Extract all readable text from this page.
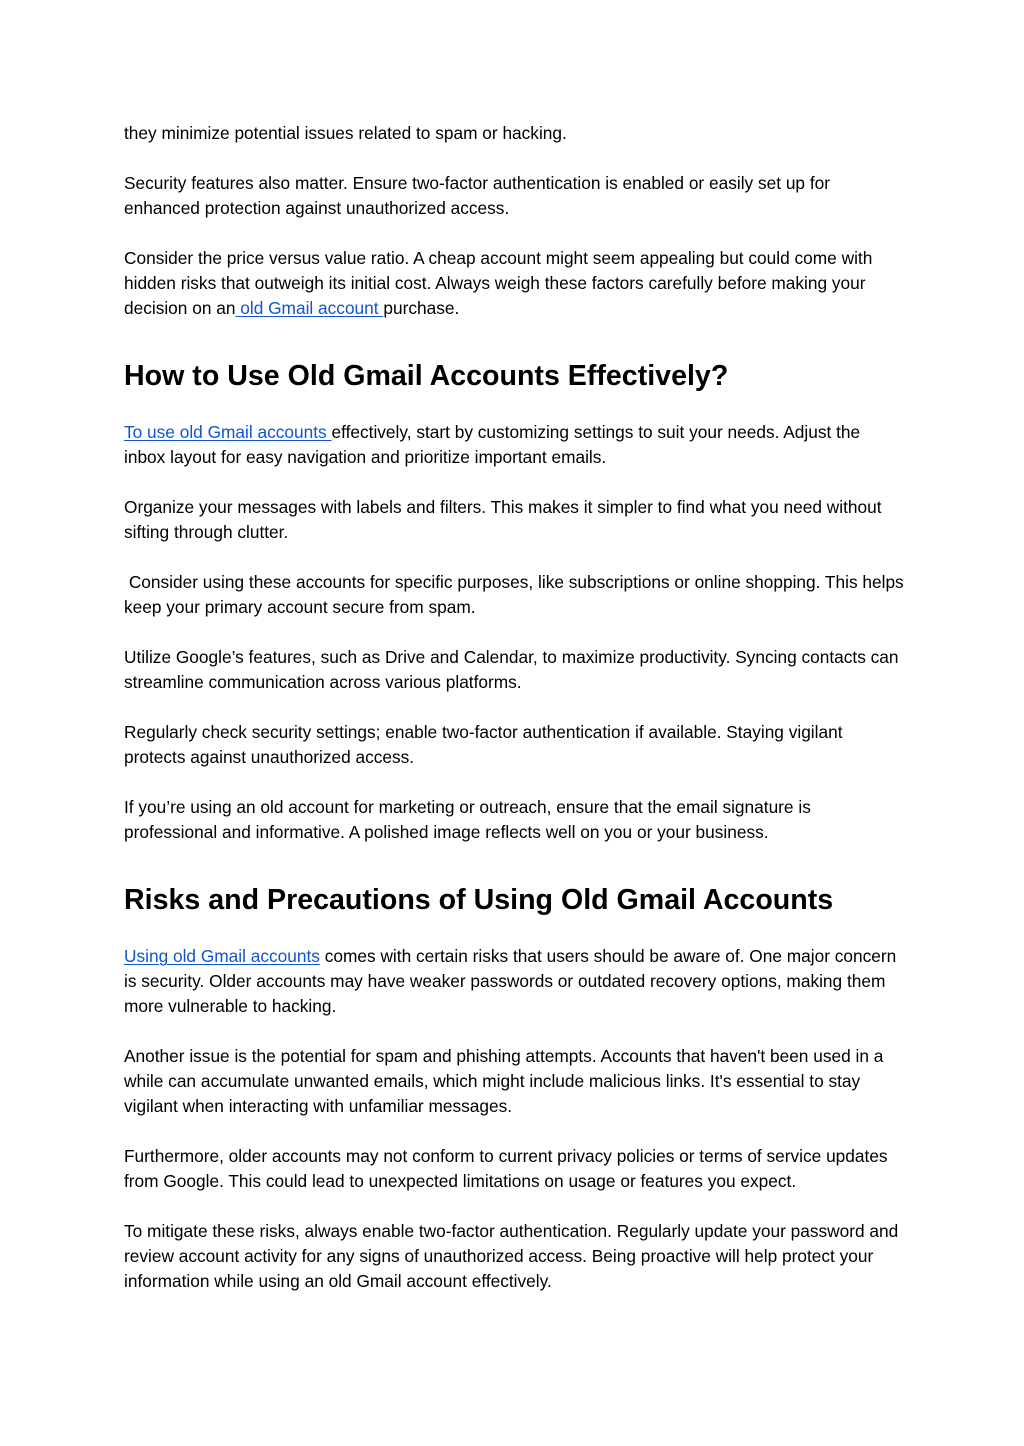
they minimize potential issues related to spam or hacking.

Security features also matter. Ensure two-factor authentication is enabled or easily set up for enhanced protection against unauthorized access.

Consider the price versus value ratio. A cheap account might seem appealing but could come with hidden risks that outweigh its initial cost. Always weigh these factors carefully before making your decision on an old Gmail account purchase.

How to Use Old Gmail Accounts Effectively?

To use old Gmail accounts effectively, start by customizing settings to suit your needs. Adjust the inbox layout for easy navigation and prioritize important emails.

Organize your messages with labels and filters. This makes it simpler to find what you need without sifting through clutter.

Consider using these accounts for specific purposes, like subscriptions or online shopping. This helps keep your primary account secure from spam.

Utilize Google’s features, such as Drive and Calendar, to maximize productivity. Syncing contacts can streamline communication across various platforms.

Regularly check security settings; enable two-factor authentication if available. Staying vigilant protects against unauthorized access.

If you’re using an old account for marketing or outreach, ensure that the email signature is professional and informative. A polished image reflects well on you or your business.

Risks and Precautions of Using Old Gmail Accounts

Using old Gmail accounts comes with certain risks that users should be aware of. One major concern is security. Older accounts may have weaker passwords or outdated recovery options, making them more vulnerable to hacking.

Another issue is the potential for spam and phishing attempts. Accounts that haven't been used in a while can accumulate unwanted emails, which might include malicious links. It's essential to stay vigilant when interacting with unfamiliar messages.

Furthermore, older accounts may not conform to current privacy policies or terms of service updates from Google. This could lead to unexpected limitations on usage or features you expect.

To mitigate these risks, always enable two-factor authentication. Regularly update your password and review account activity for any signs of unauthorized access. Being proactive will help protect your information while using an old Gmail account effectively.
